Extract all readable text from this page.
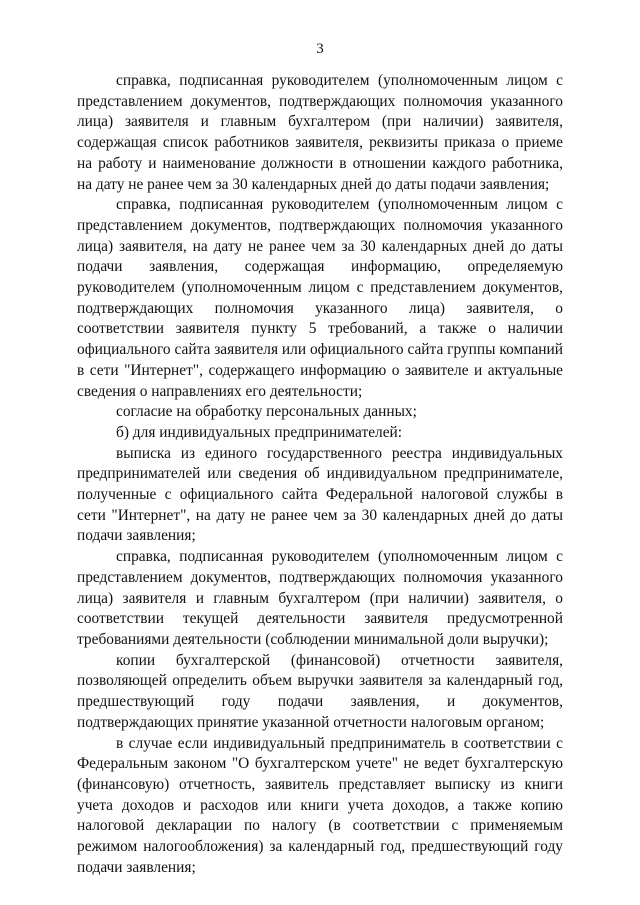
3

справка, подписанная руководителем (уполномоченным лицом с представлением документов, подтверждающих полномочия указанного лица) заявителя и главным бухгалтером (при наличии) заявителя, содержащая список работников заявителя, реквизиты приказа о приеме на работу и наименование должности в отношении каждого работника, на дату не ранее чем за 30 календарных дней до даты подачи заявления;

справка, подписанная руководителем (уполномоченным лицом с представлением документов, подтверждающих полномочия указанного лица) заявителя, на дату не ранее чем за 30 календарных дней до даты подачи заявления, содержащая информацию, определяемую руководителем (уполномоченным лицом с представлением документов, подтверждающих полномочия указанного лица) заявителя, о соответствии заявителя пункту 5 требований, а также о наличии официального сайта заявителя или официального сайта группы компаний в сети "Интернет", содержащего информацию о заявителе и актуальные сведения о направлениях его деятельности;

согласие на обработку персональных данных;

б) для индивидуальных предпринимателей:

выписка из единого государственного реестра индивидуальных предпринимателей или сведения об индивидуальном предпринимателе, полученные с официального сайта Федеральной налоговой службы в сети "Интернет", на дату не ранее чем за 30 календарных дней до даты подачи заявления;

справка, подписанная руководителем (уполномоченным лицом с представлением документов, подтверждающих полномочия указанного лица) заявителя и главным бухгалтером (при наличии) заявителя, о соответствии текущей деятельности заявителя предусмотренной требованиями деятельности (соблюдении минимальной доли выручки);

копии бухгалтерской (финансовой) отчетности заявителя, позволяющей определить объем выручки заявителя за календарный год, предшествующий году подачи заявления, и документов, подтверждающих принятие указанной отчетности налоговым органом;

в случае если индивидуальный предприниматель в соответствии с Федеральным законом "О бухгалтерском учете" не ведет бухгалтерскую (финансовую) отчетность, заявитель представляет выписку из книги учета доходов и расходов или книги учета доходов, а также копию налоговой декларации по налогу (в соответствии с применяемым режимом налогообложения) за календарный год, предшествующий году подачи заявления;
